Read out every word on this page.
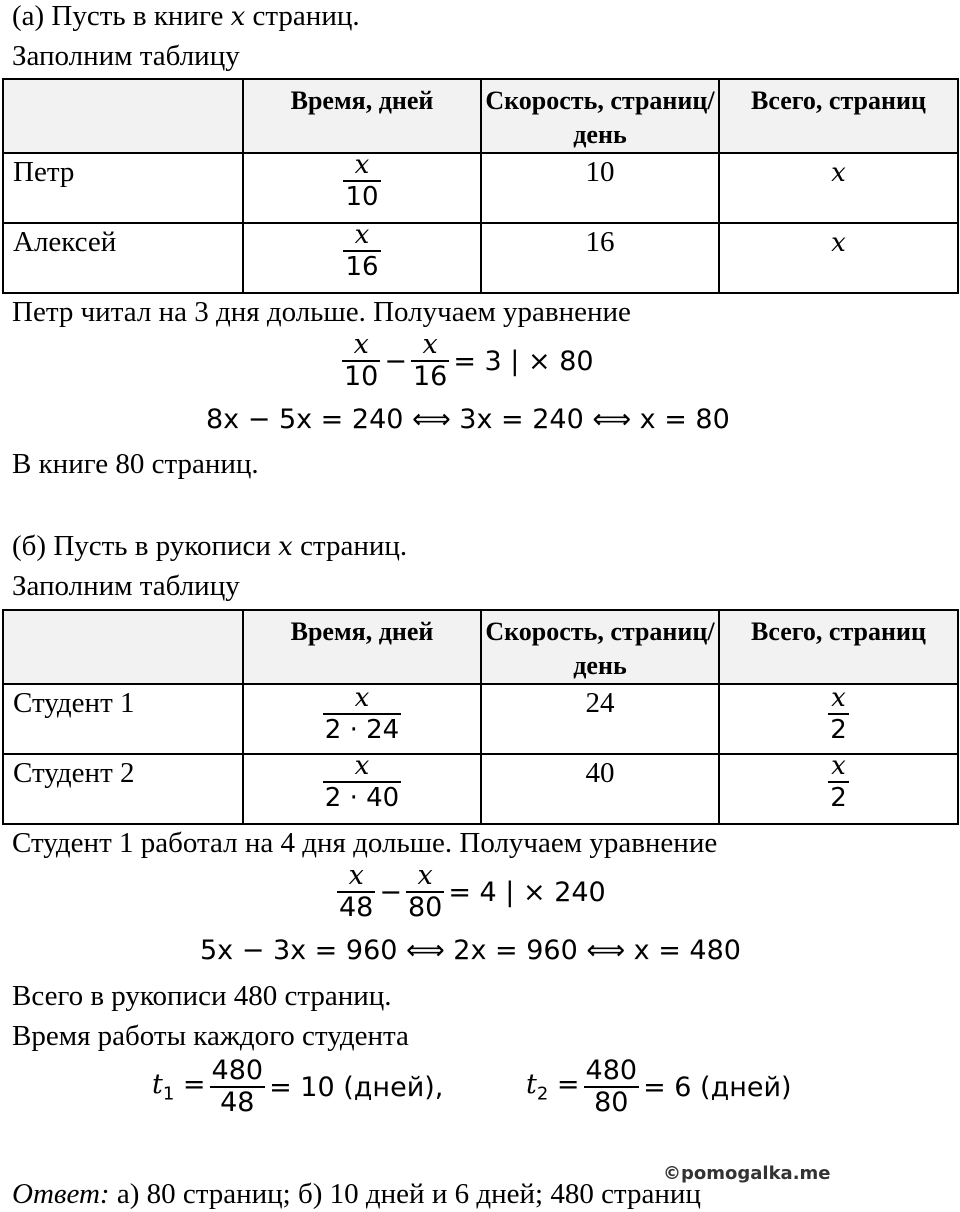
(а) Пусть в книге x страниц.
Заполним таблицу
	Время, дней	Скорость, страниц/день	Всего, страниц
Петр	$\frac{x}{10}$	10	x
Алексей	$\frac{x}{16}$	16	x
Петр читал на 3 дня дольше. Получаем уравнение
$\frac{x}{10} - \frac{x}{16} = 3$ | × 80
8x − 5x = 240 ⟺ 3x = 240 ⟺ x = 80
В книге 80 страниц.
(б) Пусть в рукописи x страниц.
Заполним таблицу
	Время, дней	Скорость, страниц/день	Всего, страниц
Студент 1	$\frac{x}{2 \cdot 24}$	24	$\frac{x}{2}$

Студент 2	$\frac{x}{2 \cdot 40}$	40	$\frac{x}{2}$
Студент 1 работал на 4 дня дольше. Получаем уравнение
$\frac{x}{48} - \frac{x}{80} = 4$ | × 240
5x − 3x = 960 ⟺ 2x = 960 ⟺ x = 480
Всего в рукописи 480 страниц.
Время работы каждого студента
$t_1 = \frac{480}{48} = 10$ (дней),	$t_2 = \frac{480}{80} = 6$ (дней)
©pomogalka.me
Ответ: а) 80 страниц; б) 10 дней и 6 дней; 480 страниц
